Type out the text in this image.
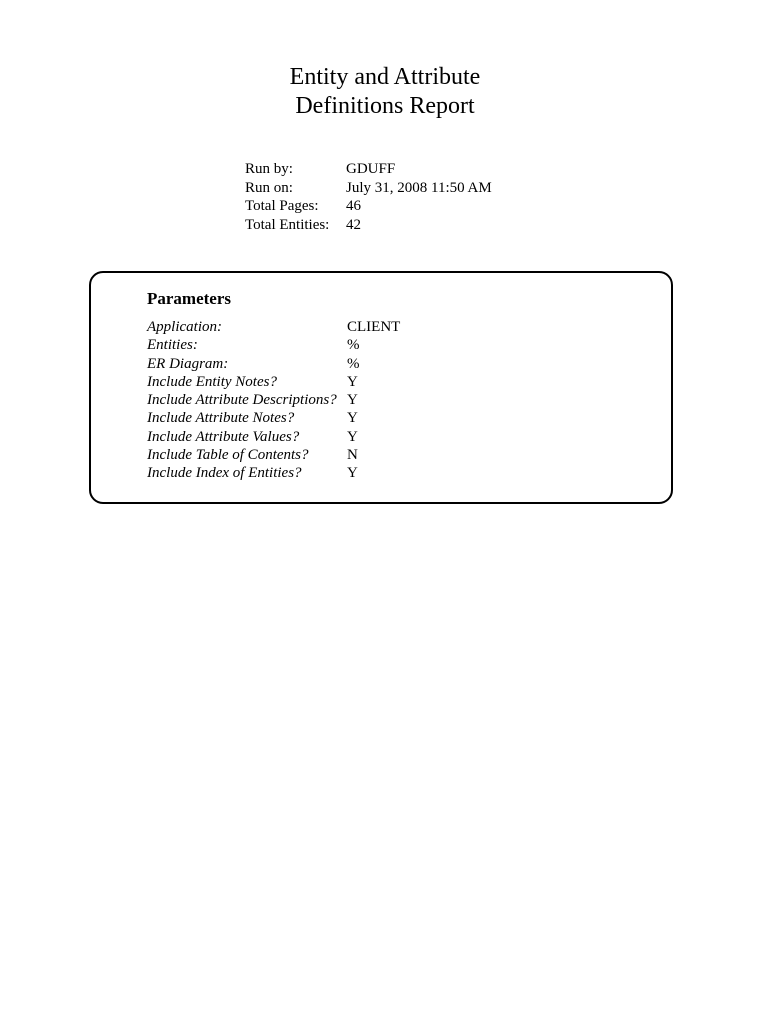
Entity and Attribute
Definitions Report
Run by:	GDUFF
Run on:	July 31, 2008 11:50 AM
Total Pages:	46
Total Entities:	42
Parameters
Application:	CLIENT
Entities:	%
ER Diagram:	%
Include Entity Notes?	Y
Include Attribute Descriptions? Y
Include Attribute Notes?	Y
Include Attribute Values?	Y
Include Table of Contents?	N
Include Index of Entities?	Y
